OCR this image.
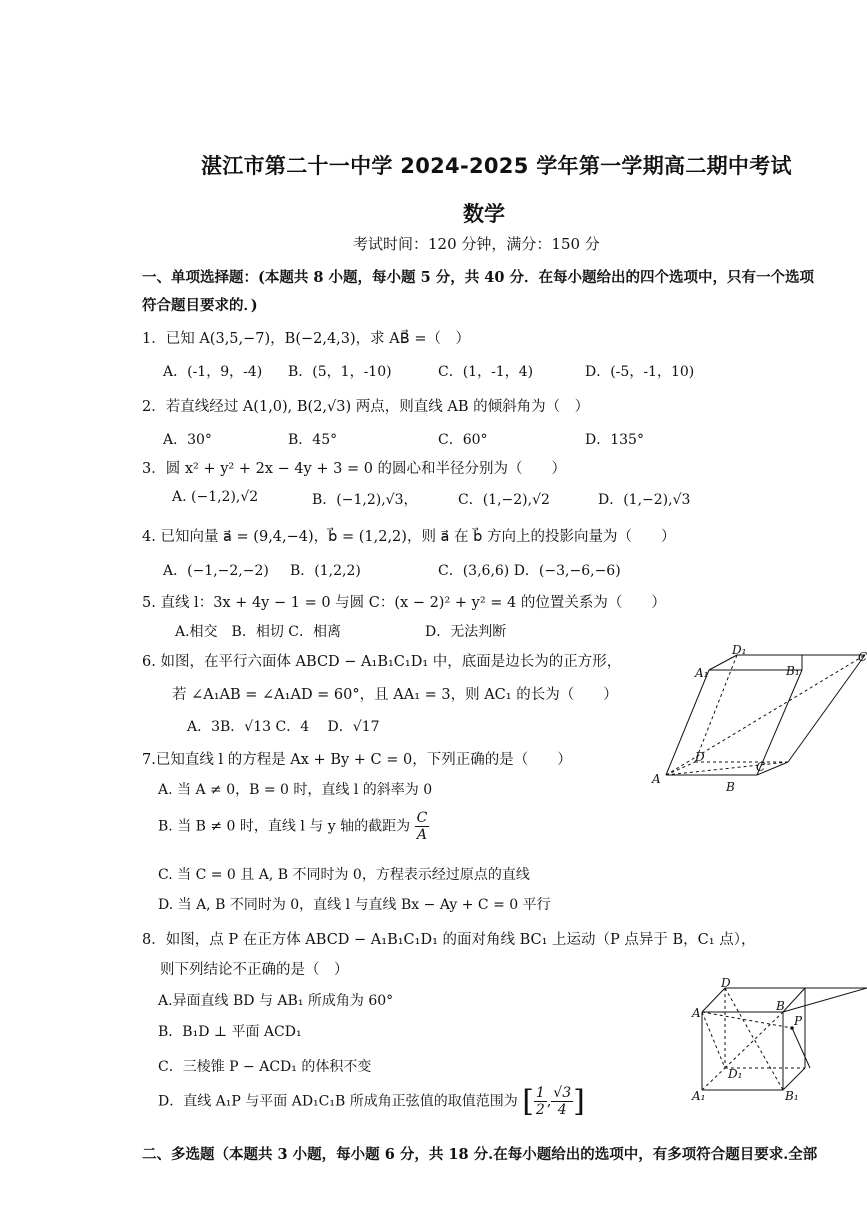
湛江市第二十一中学 2024-2025 学年第一学期高二期中考试
数学
考试时间：120 分钟，满分：150 分
一、单项选择题：(本题共 8 小题，每小题 5 分，共 40 分．在每小题给出的四个选项中，只有一个选项
符合题目要求的．)
1．已知 A(3,5,−7)，B(−2,4,3)，求 AB⃗ =（　）
A．(-1，9，-4) B．(5，1，-10)	C．(1，-1，4)	D．(-5，-1，10)
2．若直线经过 A(1,0), B(2,√3) 两点，则直线 AB 的倾斜角为（　）
A．30°	B．45°	C．60°	D．135°
3．圆 x² + y² + 2x − 4y + 3 = 0 的圆心和半径分别为（　　）
A. (−1,2),√2	B．(−1,2),√3，	C．(1,−2),√2	D．(1,−2),√3
4. 已知向量 a⃗ = (9,4,−4)，b⃗ = (1,2,2)，则 a⃗ 在 b⃗ 方向上的投影向量为（　　）
A．(−1,−2,−2) B．(1,2,2)	C．(3,6,6) D．(−3,−6,−6)
5. 直线 l：3x + 4y − 1 = 0 与圆 C：(x − 2)² + y² = 4 的位置关系为（　　）
A.相交　B．相切 C．相离	D．无法判断
6. 如图，在平行六面体 ABCD − A₁B₁C₁D₁ 中，底面是边长为的正方形，
若 ∠A₁AB = ∠A₁AD = 60°，且 AA₁ = 3，则 AC₁ 的长为（　　）
A．3B．√13 C．4　 D．√17
A₁
D₁
B₁
C
D
A
B
C
7.已知直线 l 的方程是 Ax + By + C = 0，下列正确的是（　　）
A. 当 A ≠ 0，B = 0 时，直线 l 的斜率为 0
B. 当 B ≠ 0 时，直线 l 与 y 轴的截距为 $\frac{C}{A}$
C. 当 C = 0 且 A, B 不同时为 0，方程表示经过原点的直线
D. 当 A, B 不同时为 0，直线 l 与直线 Bx − Ay + C = 0 平行
8．如图，点 P 在正方体 ABCD − A₁B₁C₁D₁ 的面对角线 BC₁ 上运动（P 点异于 B，C₁ 点），
则下列结论不正确的是（　）
A.异面直线 BD 与 AB₁ 所成角为 60°
B．B₁D ⊥ 平面 ACD₁
C．三棱锥 P − ACD₁ 的体积不变
D．直线 A₁P 与平面 AD₁C₁B 所成角正弦值的取值范围为 [ $\frac{1}{2}$ , $\frac{√3}{4}$ ]
D
A	B
P
D₁
A₁	B₁
二、多选题（本题共 3 小题，每小题 6 分，共 18 分.在每小题给出的选项中，有多项符合题目要求.全部
